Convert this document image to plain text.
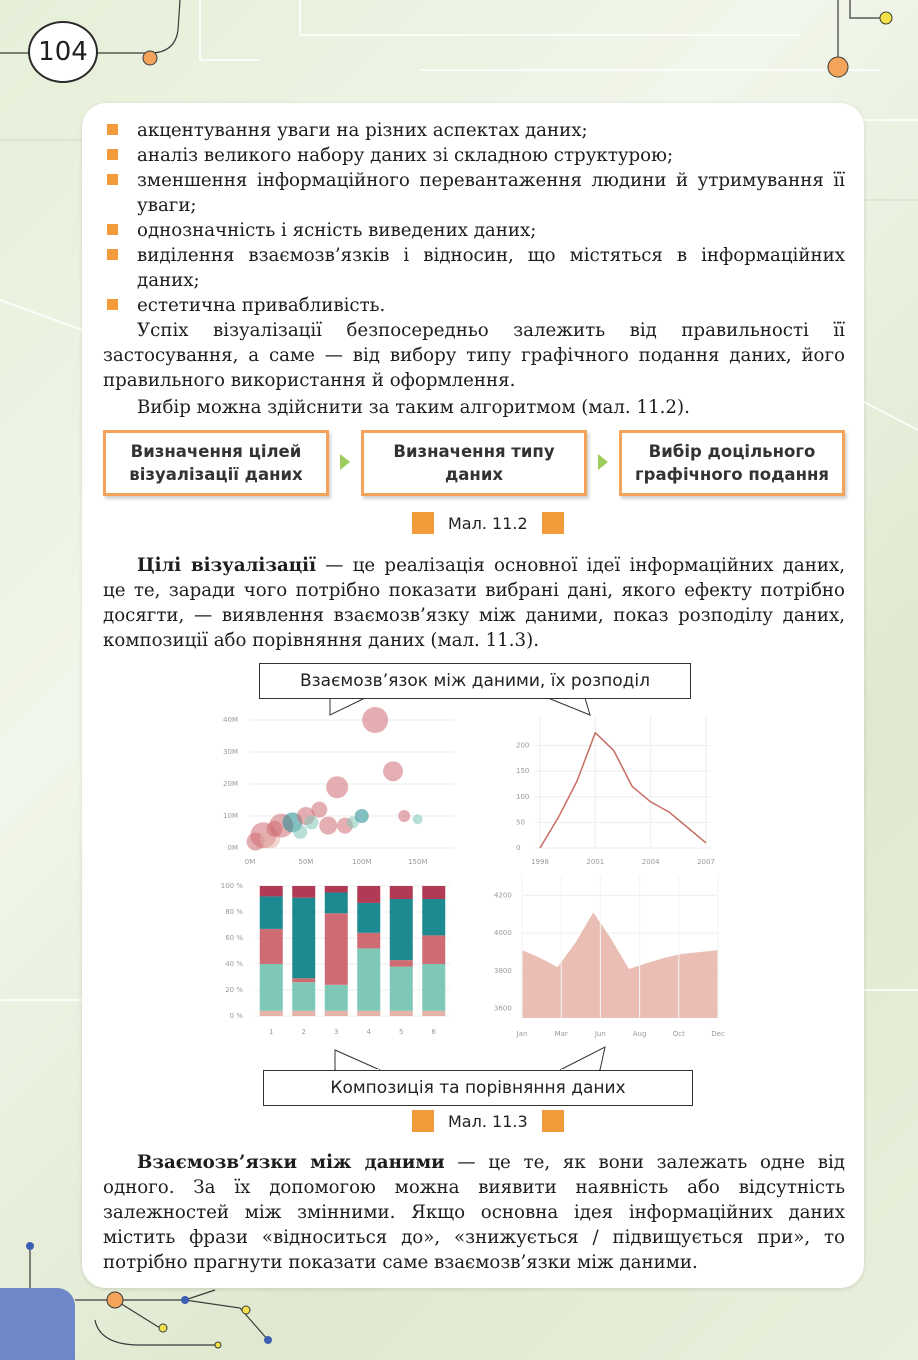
104
акцентування уваги на різних аспектах даних;
аналіз великого набору даних зі складною структурою;
зменшення інформаційного перевантаження людини й утримування її уваги;
однозначність і ясність виведених даних;
виділення взаємозв’язків і відносин, що містяться в інформаційних даних;
естетична привабливість.

Успіх візуалізації безпосередньо залежить від правильності її застосування, а саме — від вибору типу графічного подання даних, його правильного використання й оформлення.

Вибір можна здійснити за таким алгоритмом (мал. 11.2).

Визначення цілей візуалізації даних
Визначення типу даних
Вибір доцільного графічного подання
Мал. 11.2

Цілі візуалізації — це реалізація основної ідеї інформаційних даних, це те, заради чого потрібно показати вибрані дані, якого ефекту потрібно досягти, — виявлення взаємозв’язку між даними, показ розподілу даних, композиції або порівняння даних (мал. 11.3).

0M
10M
20M
30M
40M
0M	50M	100M	150M
0
50
100
150
200
1998	2001	2004	2007
0 %
20 %
40 %
60 %
80 %
100 %
1	2	3	4	5	6
3600
3800
4000
4200
Jan	Mar	Jun	Aug	Oct	Dec
Взаємозв’язок між даними, їх розподіл
Композиція та порівняння даних
Мал. 11.3

Взаємозв’язки між даними — це те, як вони залежать одне від одного. За їх допомогою можна виявити наявність або відсутність залежностей між змінними. Якщо основна ідея інформаційних даних містить фрази «відноситься до», «знижується / підвищується при», то потрібно прагнути показати саме взаємозв’язки між даними.
